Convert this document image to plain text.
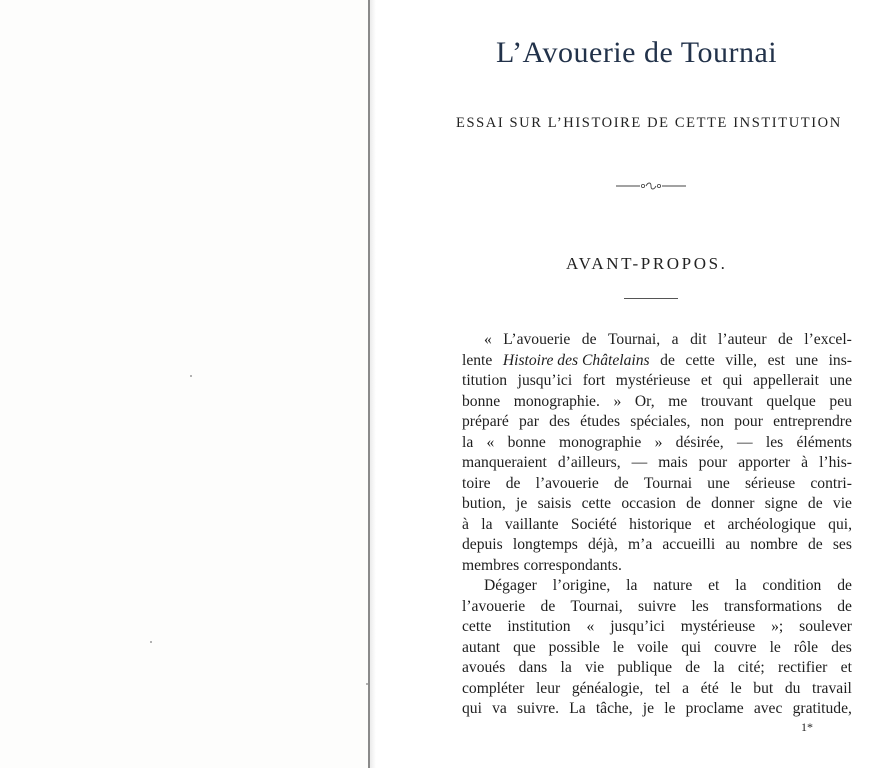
L’Avouerie de Tournai
ESSAI SUR L’HISTOIRE DE CETTE INSTITUTION
AVANT-PROPOS.
« L’avouerie de Tournai, a dit l’auteur de l’excel-
lente Histoire des Châtelains de cette ville, est une ins-
titution jusqu’ici fort mystérieuse et qui appellerait une
bonne monographie. » Or, me trouvant quelque peu
préparé par des études spéciales, non pour entreprendre
la « bonne monographie » désirée, — les éléments
manqueraient d’ailleurs, — mais pour apporter à l’his-
toire de l’avouerie de Tournai une sérieuse contri-
bution, je saisis cette occasion de donner signe de vie
à la vaillante Société historique et archéologique qui,
depuis longtemps déjà, m’a accueilli au nombre de ses
membres correspondants.
Dégager l’origine, la nature et la condition de
l’avouerie de Tournai, suivre les transformations de
cette institution « jusqu’ici mystérieuse »; soulever
autant que possible le voile qui couvre le rôle des
avoués dans la vie publique de la cité; rectifier et
compléter leur généalogie, tel a été le but du travail
qui va suivre. La tâche, je le proclame avec gratitude,
1*
